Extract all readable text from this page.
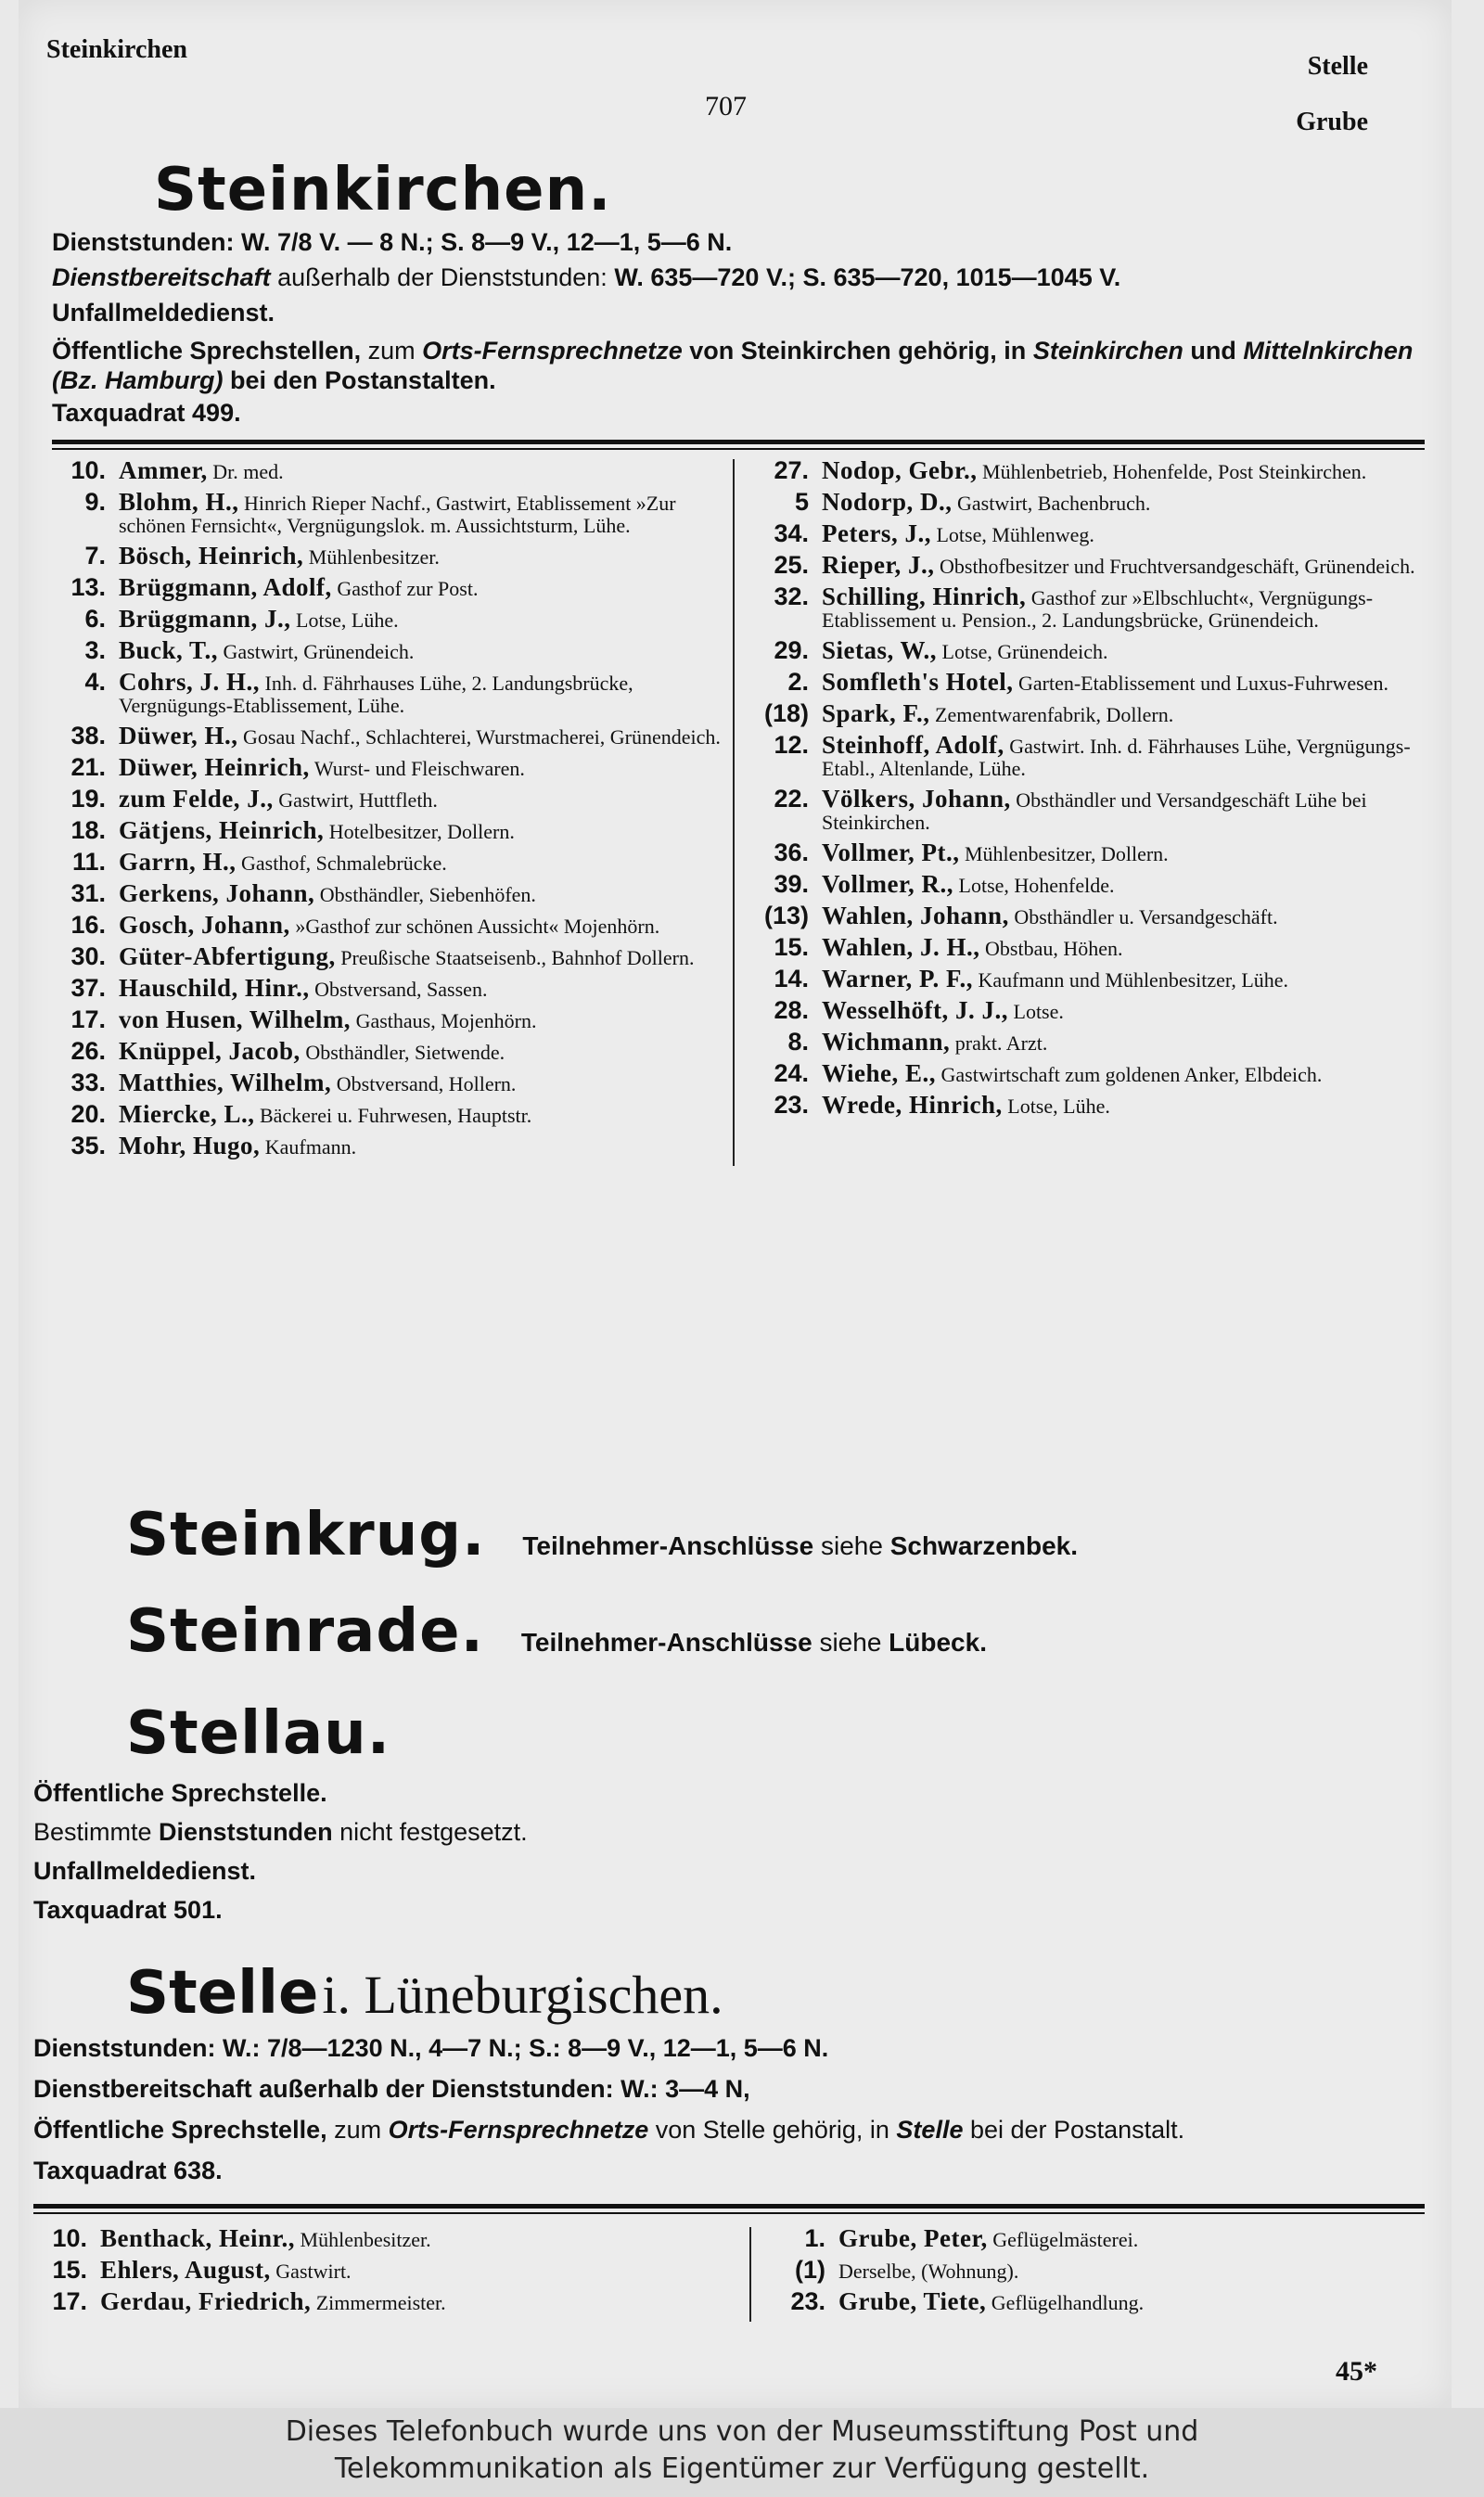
Steinkirchen
707
Stelle
Grube
Steinkirchen.
Dienststunden: W. 7/8 V. — 8 N.; S. 8—9 V., 12—1, 5—6 N.
Dienstbereitschaft außerhalb der Dienststunden: W. 635—720 V.; S. 635—720, 1015—1045 V.
Unfallmeldedienst.
Öffentliche Sprechstellen, zum Orts-Fernsprechnetze von Steinkirchen gehörig, in Steinkirchen und Mittelnkirchen (Bz. Hamburg) bei den Postanstalten.
Taxquadrat 499.
10. Ammer, Dr. med.
9. Blohm, H., Hinrich Rieper Nachf., Gastwirt, Etablissement »Zur schönen Fernsicht«, Vergnügungslok. m. Aussichtsturm, Lühe.
7. Bösch, Heinrich, Mühlenbesitzer.
13. Brüggmann, Adolf, Gasthof zur Post.
6. Brüggmann, J., Lotse, Lühe.
3. Buck, T., Gastwirt, Grünendeich.
4. Cohrs, J. H., Inh. d. Fährhauses Lühe, 2. Landungsbrücke, Vergnügungs-Etablissement, Lühe.
38. Düwer, H., Gosau Nachf., Schlachterei, Wurstmacherei, Grünendeich.
21. Düwer, Heinrich, Wurst- und Fleischwaren.
19. zum Felde, J., Gastwirt, Huttfleth.
18. Gätjens, Heinrich, Hotelbesitzer, Dollern.
11. Garrn, H., Gasthof, Schmalebrücke.
31. Gerkens, Johann, Obsthändler, Siebenhöfen.
16. Gosch, Johann, »Gasthof zur schönen Aussicht« Mojenhörn.
30. Güter-Abfertigung, Preußische Staatseisenb., Bahnhof Dollern.
37. Hauschild, Hinr., Obstversand, Sassen.
17. von Husen, Wilhelm, Gasthaus, Mojenhörn.
26. Knüppel, Jacob, Obsthändler, Sietwende.
33. Matthies, Wilhelm, Obstversand, Hollern.
20. Miercke, L., Bäckerei u. Fuhrwesen, Hauptstr.
35. Mohr, Hugo, Kaufmann.
27. Nodop, Gebr., Mühlenbetrieb, Hohenfelde, Post Steinkirchen.
5 Nodorp, D., Gastwirt, Bachenbruch.
34. Peters, J., Lotse, Mühlenweg.
25. Rieper, J., Obsthofbesitzer und Fruchtversandgeschäft, Grünendeich.
32. Schilling, Hinrich, Gasthof zur »Elbschlucht«, Vergnügungs-Etablissement u. Pension., 2. Landungsbrücke, Grünendeich.
29. Sietas, W., Lotse, Grünendeich.
2. Somfleth's Hotel, Garten-Etablissement und Luxus-Fuhrwesen.
(18) Spark, F., Zementwarenfabrik, Dollern.
12. Steinhoff, Adolf, Gastwirt. Inh. d. Fährhauses Lühe, Vergnügungs-Etabl., Altenlande, Lühe.
22. Völkers, Johann, Obsthändler und Versandgeschäft Lühe bei Steinkirchen.
36. Vollmer, Pt., Mühlenbesitzer, Dollern.
39. Vollmer, R., Lotse, Hohenfelde.
(13) Wahlen, Johann, Obsthändler u. Versandgeschäft.
15. Wahlen, J. H., Obstbau, Höhen.
14. Warner, P. F., Kaufmann und Mühlenbesitzer, Lühe.
28. Wesselhöft, J. J., Lotse.
8. Wichmann, prakt. Arzt.
24. Wiehe, E., Gastwirtschaft zum goldenen Anker, Elbdeich.
23. Wrede, Hinrich, Lotse, Lühe.
Steinkrug. Teilnehmer-Anschlüsse siehe Schwarzenbek.
Steinrade. Teilnehmer-Anschlüsse siehe Lübeck.
Stellau.
Öffentliche Sprechstelle.
Bestimmte Dienststunden nicht festgesetzt.
Unfallmeldedienst.
Taxquadrat 501.
Stelle i. Lüneburgischen.
Dienststunden: W.: 7/8—1230 N., 4—7 N.; S.: 8—9 V., 12—1, 5—6 N.
Dienstbereitschaft außerhalb der Dienststunden: W.: 3—4 N,
Öffentliche Sprechstelle, zum Orts-Fernsprechnetze von Stelle gehörig, in Stelle bei der Postanstalt.
Taxquadrat 638.
10. Benthack, Heinr., Mühlenbesitzer.
15. Ehlers, August, Gastwirt.
17. Gerdau, Friedrich, Zimmermeister.
1. Grube, Peter, Geflügelmästerei.
(1) Derselbe, (Wohnung).
23. Grube, Tiete, Geflügelhandlung.
45*
Dieses Telefonbuch wurde uns von der Museumsstiftung Post und
Telekommunikation als Eigentümer zur Verfügung gestellt.
